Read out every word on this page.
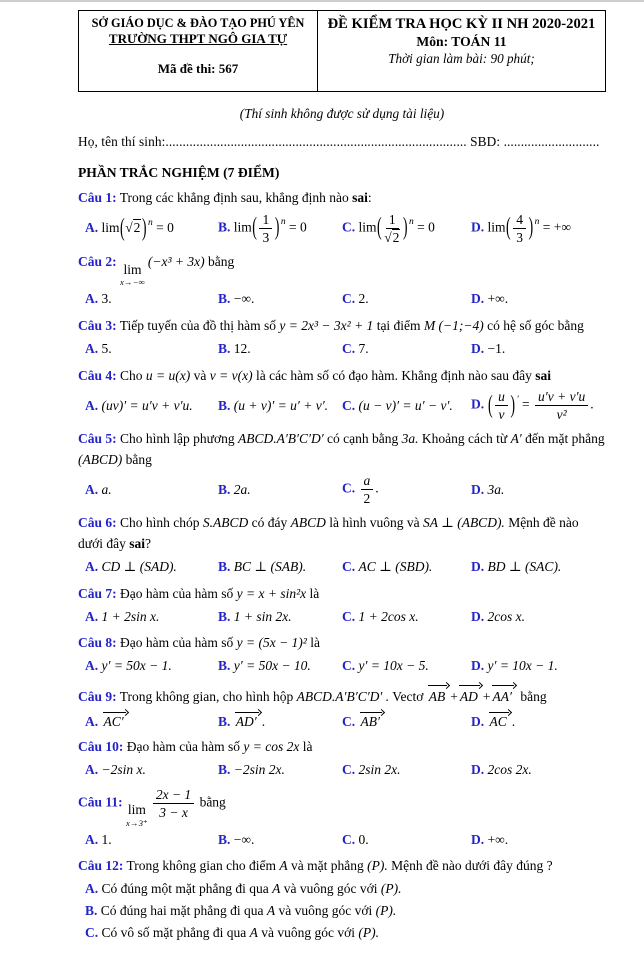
SỞ GIÁO DỤC & ĐÀO TẠO PHÚ YÊN
TRƯỜNG THPT NGÔ GIA TỰ
Mã đề thi: 567
ĐỀ KIỂM TRA HỌC KỲ II NH 2020-2021
Môn: TOÁN 11
Thời gian làm bài: 90 phút;

(Thí sinh không được sử dụng tài liệu)

Họ, tên thí sinh:........................................................................................ SBD: ............................

PHẦN TRẮC NGHIỆM (7 ĐIỂM)

Câu 1: Trong các khẳng định sau, khẳng định nào sai:

A. lim(√2 ) $^n$ = 0	B. $\lim( \frac{1}{3}$ ) $^n$ = 0	C. $\lim( \frac{1}{√2}$ ) $^n$ = 0	D. $\lim( \frac{4}{3}$ ) $^n$ = +∞

Câu 2:
lim
x→−∞
(−x³ + 3x) bằng

A. 3.	B. −∞.	C. 2.	D. +∞.

Câu 3: Tiếp tuyến của đồ thị hàm số y = 2x³ − 3x² + 1 tại điểm M (−1;−4) có hệ số góc bằng

A. 5.	B. 12.	C. 7.	D. −1.

Câu 4: Cho u = u(x) và v = v(x) là các hàm số có đạo hàm. Khẳng định nào sau đây sai

A. (uv)′ = u′v + v′u.	B. (u + v)′ = u′ + v′.	C. (u − v)′ = u′ − v′.	D. ( $\frac{u}{v}$ ) $' = \frac{u'v + v'u}{\text{v²}}$ .

Câu 5: Cho hình lập phương ABCD.A′B′C′D′ có cạnh bằng 3a. Khoảng cách từ A′ đến mặt phẳng (ABCD) bằng

A. a.	B. 2a.	C. $\frac{a}{2}$ .	D. 3a.

Câu 6: Cho hình chóp S.ABCD có đáy ABCD là hình vuông và SA ⊥ (ABCD). Mệnh đề nào dưới đây sai?

A. CD ⊥ (SAD).	B. BC ⊥ (SAB).	C. AC ⊥ (SBD).	D. BD ⊥ (SAC).

Câu 7: Đạo hàm của hàm số y = x + sin²x là

A. 1 + 2sin x.	B. 1 + sin 2x.	C. 1 + 2cos x.	D. 2cos x.

Câu 8: Đạo hàm của hàm số y = (5x − 1)² là

A. y′ = 50x − 1.	B. y′ = 50x − 10.	C. y′ = 10x − 5.	D. y′ = 10x − 1.

Câu 9: Trong không gian, cho hình hộp ABCD.A′B′C′D′ . Vectơ AB + AD + AA′ bằng

A. AC′	B. AD′ .	C. AB′	D. AC .

Câu 10: Đạo hàm của hàm số y = cos 2x là

A. −2sin x.	B. −2sin 2x.	C. 2sin 2x.	D. 2cos 2x.

Câu 11:
lim
x→3⁺
$\frac{2x - 1}{3 - x}$ bằng

A. 1.	B. −∞.	C. 0.	D. +∞.

Câu 12: Trong không gian cho điểm A và mặt phẳng (P). Mệnh đề nào dưới đây đúng ?

A. Có đúng một mặt phẳng đi qua A và vuông góc với (P).

B. Có đúng hai mặt phẳng đi qua A và vuông góc với (P).

C. Có vô số mặt phẳng đi qua A và vuông góc với (P).
